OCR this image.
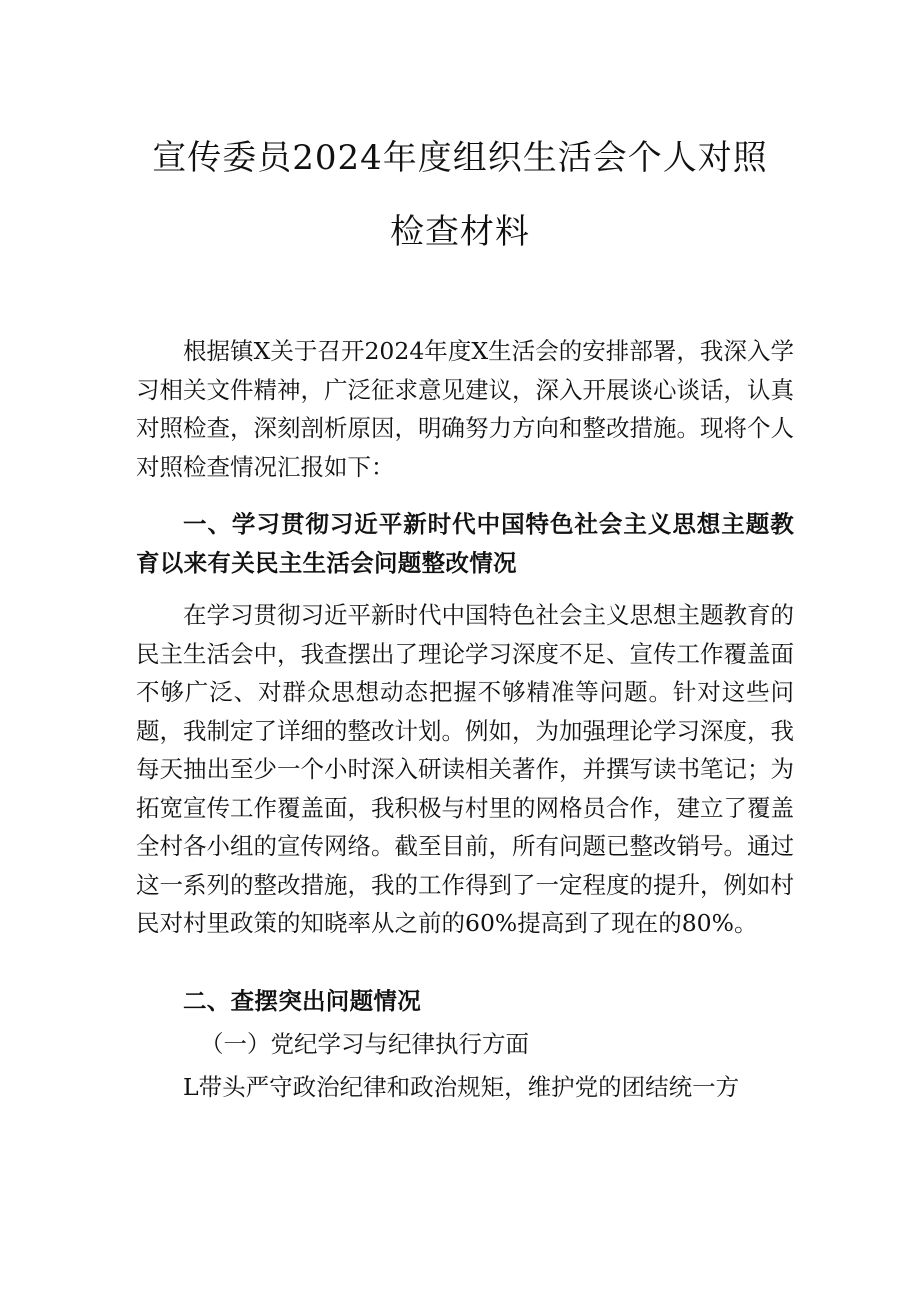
宣传委员2024年度组织生活会个人对照
检查材料

根据镇X关于召开2024年度X生活会的安排部署，我深入学习相关文件精神，广泛征求意见建议，深入开展谈心谈话，认真对照检查，深刻剖析原因，明确努力方向和整改措施。现将个人对照检查情况汇报如下：

一、学习贯彻习近平新时代中国特色社会主义思想主题教育以来有关民主生活会问题整改情况

在学习贯彻习近平新时代中国特色社会主义思想主题教育的民主生活会中，我查摆出了理论学习深度不足、宣传工作覆盖面不够广泛、对群众思想动态把握不够精准等问题。针对这些问题，我制定了详细的整改计划。例如，为加强理论学习深度，我每天抽出至少一个小时深入研读相关著作，并撰写读书笔记；为拓宽宣传工作覆盖面，我积极与村里的网格员合作，建立了覆盖全村各小组的宣传网络。截至目前，所有问题已整改销号。通过这一系列的整改措施，我的工作得到了一定程度的提升，例如村民对村里政策的知晓率从之前的60%提高到了现在的80%。

二、查摆突出问题情况

（一）党纪学习与纪律执行方面

L带头严守政治纪律和政治规矩，维护党的团结统一方
